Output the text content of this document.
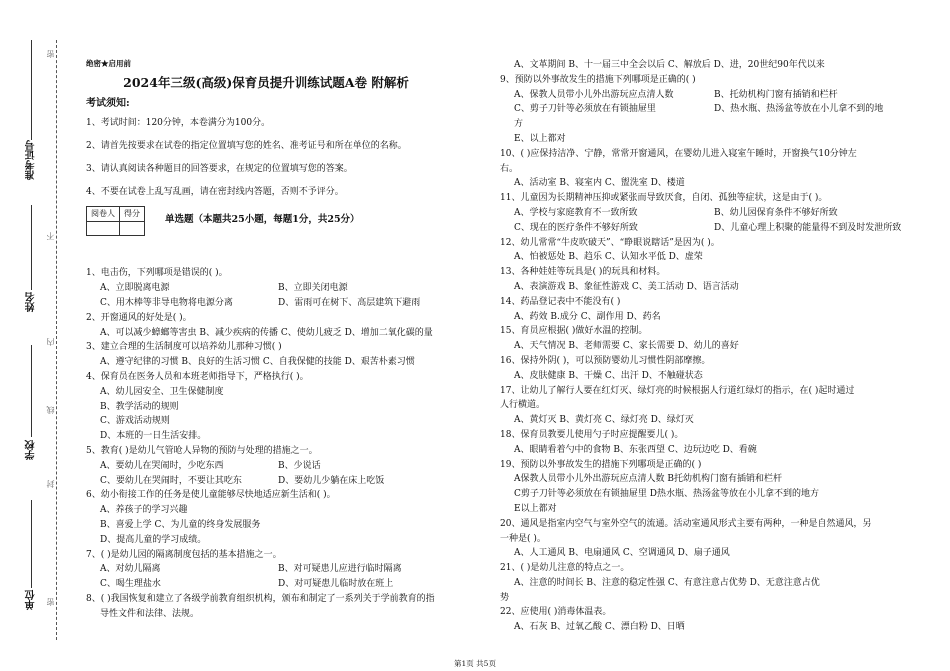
准考证号
姓名
学校
单位
密
不
内
线
封
密

绝密★启用前

2024年三级(高级)保育员提升训练试题A卷 附解析

考试须知:

1、考试时间：120分钟，本卷满分为100分。

2、请首先按要求在试卷的指定位置填写您的姓名、准考证号和所在单位的名称。

3、请认真阅读各种题目的回答要求，在规定的位置填写您的答案。

4、不要在试卷上乱写乱画，请在密封线内答题，否则不予评分。

阅卷人	得分

单选题（本题共25小题，每题1分，共25分）

1、电击伤，下列哪项是错误的( )。

A、立即脱离电源	B、立即关闭电源

C、用木棒等非导电物将电源分离	D、雷雨可在树下、高层建筑下避雨

2、开窗通风的好处是( )。

A、可以减少蟑螂等害虫 B、减少疾病的传播 C、使幼儿疲乏 D、增加二氧化碳的量

3、建立合理的生活制度可以培养幼儿那种习惯( )

A、遵守纪律的习惯 B、良好的生活习惯 C、自我保健的技能 D、艰苦朴素习惯

4、保育员在医务人员和本班老师指导下，严格执行( )。

A、幼儿园安全、卫生保健制度

B、教学活动的规则

C、游戏活动规则

D、本班的一日生活安排。

5、教育( )是幼儿气管呛人异物的预防与处理的措施之一。

A、要幼儿在哭闹时，少吃东西	B、少说话

C、要幼儿在哭闹时，不要让其吃东	D、要幼儿少躺在床上吃饭

6、幼小衔接工作的任务是使儿童能够尽快地适应新生活和( )。

A、养孩子的学习兴趣

B、喜爱上学 C、为儿童的终身发展服务

D、提高儿童的学习成绩。

7、( )是幼儿园的隔离制度包括的基本措施之一。

A、对幼儿隔离	B、对可疑患儿应进行临时隔离

C、喝生理盐水	D、对可疑患儿临时放在班上

8、( )我国恢复和建立了各级学前教育组织机构，颁布和制定了一系列关于学前教育的指

导性文件和法律、法规。

A、文革期间 B、十一届三中全会以后 C、解放后 D、进，20世纪90年代以来

9、预防以外事故发生的措施下列哪项是正确的( )

A、保教人员带小儿外出游玩应点清人数	B、托幼机构门窗有插销和栏杆

C、剪子刀针等必须放在有锁抽屉里	D、热水瓶、热汤盆等放在小儿拿不到的地

方

E、以上都对

10、( )应保持洁净、宁静，常常开窗通风，在婴幼儿进入寝室午睡时，开窗换气10分钟左

右。

A、活动室 B、寝室内 C、盥洗室 D、楼道

11、儿童因为长期精神压抑或紧张而导致厌食，自闭、孤独等症状，这是由于( )。

A、学校与家庭教育不一致所致	B、幼儿园保育条件不够好所致

C、现在的医疗条件不够好所致	D、儿童心理上积聚的能量得不到及时发泄所致

12、幼儿常常“牛皮吹破天”、“睁眼说瞎话”是因为( )。

A、怕被惩处 B、趋乐 C、认知水平低 D、虚荣

13、各种娃娃等玩具是( )的玩具和材料。

A、表演游戏 B、象征性游戏 C、美工活动 D、语言活动

14、药品登记表中不能没有( )

A、药效 B.成分 C、副作用 D、药名

15、育员应根据( )做好水温的控制。

A、天气情况 B、老师需要 C、家长需要 D、幼儿的喜好

16、保持外阴( )，可以预防婴幼儿习惯性阴部摩擦。

A、皮肤健康 B、干燥 C、出汗 D、不触碰状态

17、让幼儿了解行人要在红灯灭、绿灯亮的时候根据人行道红绿灯的指示，在( )起时通过

人行横道。

A、黄灯灭 B、黄灯亮 C、绿灯亮 D、绿灯灭

18、保育员教要儿使用勺子时应提醒要儿( )。

A、眼睛看着勺中的食物 B、东张西望 C、边玩边吃 D、看碗

19、预防以外事故发生的措施下列哪项是正确的( )

A保教人员带小儿外出游玩应点清人数 B托幼机构门窗有插销和栏杆

C剪子刀针等必须放在有锁抽屉里 D热水瓶、热汤盆等放在小儿拿不到的地方

E以上都对

20、通风是指室内空气与室外空气的流通。活动室通风形式主要有两种，一种是自然通风，另

一种是( )。

A、人工通风 B、电扇通风 C、空调通风 D、扇子通风

21、( )是幼儿注意的特点之一。

A、注意的时间长 B、注意的稳定性强 C、有意注意占优势 D、无意注意占优

势

22、应使用( )消毒体温表。

A、石灰 B、过氧乙酸 C、漂白粉 D、日晒

第1页 共5页
